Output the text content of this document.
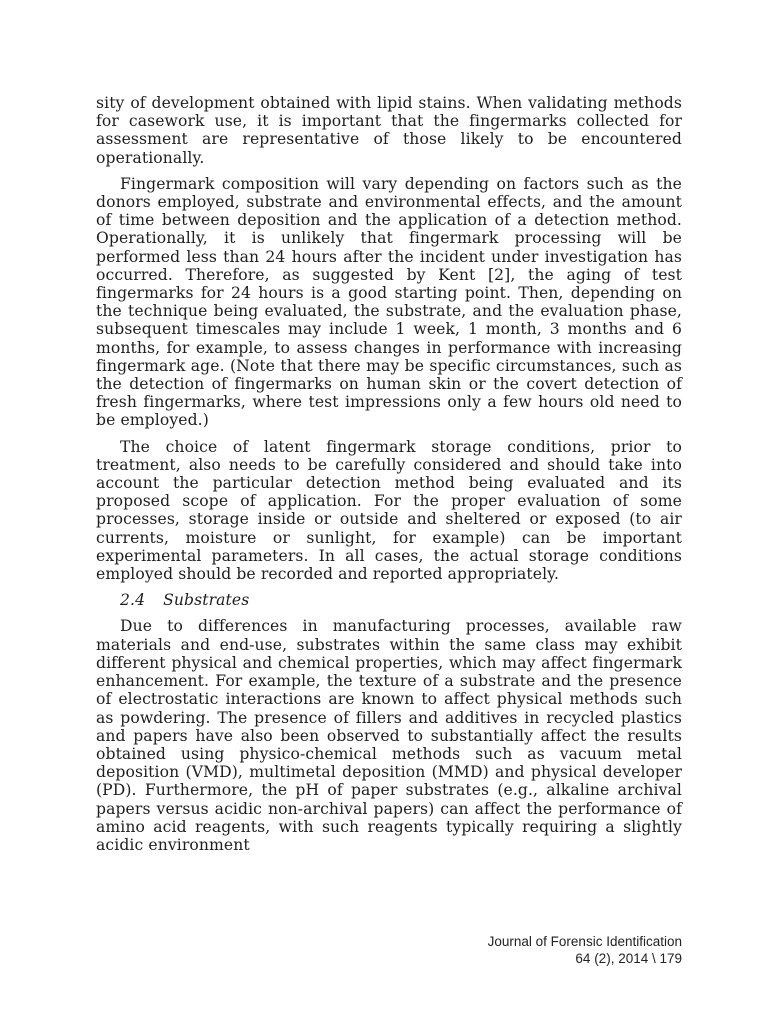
sity of development obtained with lipid stains. When validating methods for casework use, it is important that the fingermarks collected for assessment are representative of those likely to be encountered operationally.

Fingermark composition will vary depending on factors such as the donors employed, substrate and environmental effects, and the amount of time between deposition and the application of a detection method. Operationally, it is unlikely that fingermark processing will be performed less than 24 hours after the incident under investigation has occurred. Therefore, as suggested by Kent [2], the aging of test fingermarks for 24 hours is a good starting point. Then, depending on the technique being evaluated, the substrate, and the evaluation phase, subsequent timescales may include 1 week, 1 month, 3 months and 6 months, for example, to assess changes in performance with increasing fingermark age. (Note that there may be specific circumstances, such as the detection of fingermarks on human skin or the covert detection of fresh fingermarks, where test impressions only a few hours old need to be employed.)

The choice of latent fingermark storage conditions, prior to treatment, also needs to be carefully considered and should take into account the particular detection method being evaluated and its proposed scope of application. For the proper evaluation of some processes, storage inside or outside and sheltered or exposed (to air currents, moisture or sunlight, for example) can be important experimental parameters. In all cases, the actual storage conditions employed should be recorded and reported appropriately.

2.4 Substrates

Due to differences in manufacturing processes, available raw materials and end-use, substrates within the same class may exhibit different physical and chemical properties, which may affect fingermark enhancement. For example, the texture of a substrate and the presence of electrostatic interactions are known to affect physical methods such as powdering. The presence of fillers and additives in recycled plastics and papers have also been observed to substantially affect the results obtained using physico-chemical methods such as vacuum metal deposition (VMD), multimetal deposition (MMD) and physical developer (PD). Furthermore, the pH of paper substrates (e.g., alkaline archival papers versus acidic non-archival papers) can affect the performance of amino acid reagents, with such reagents typically requiring a slightly acidic environment

Journal of Forensic Identification
64 (2), 2014 \ 179
